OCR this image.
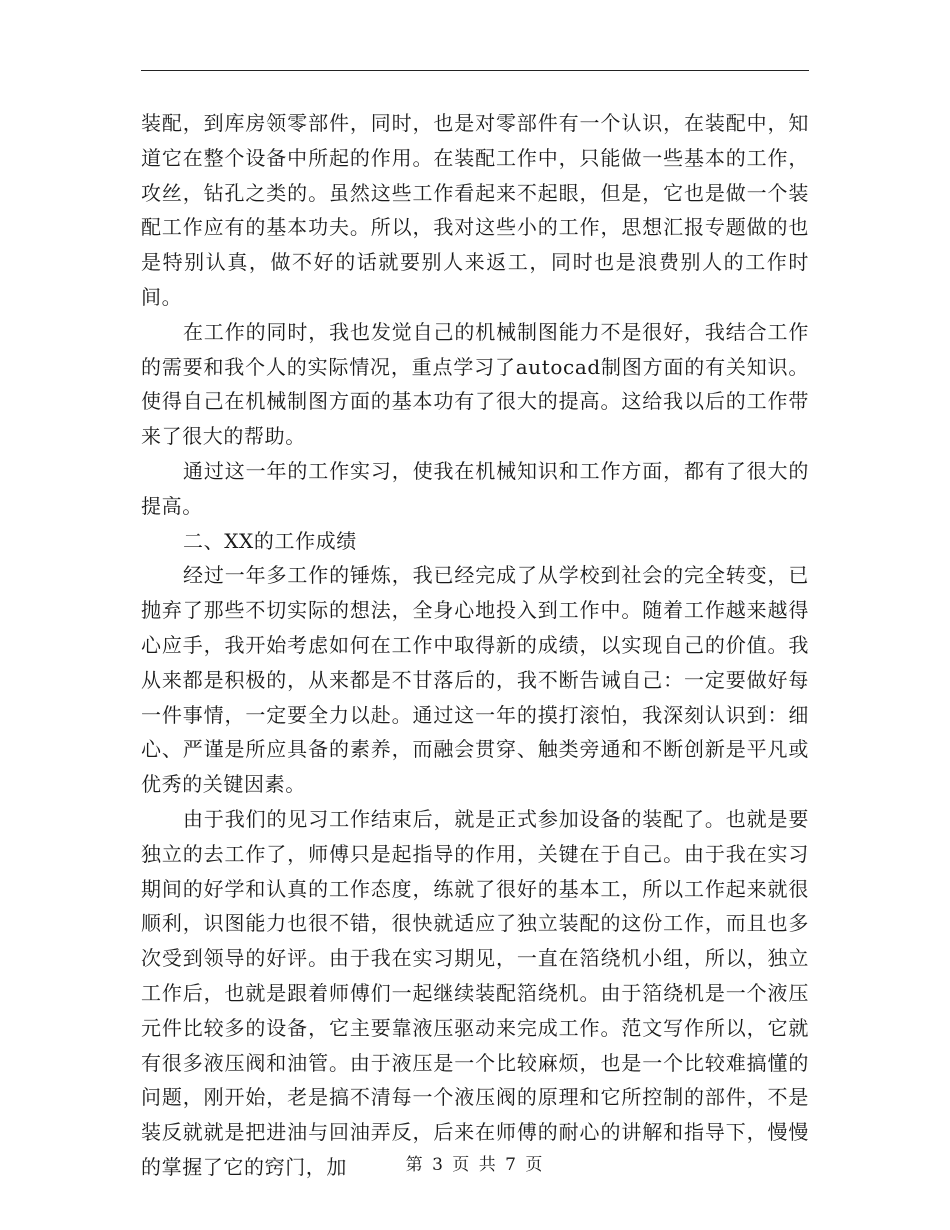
装配，到库房领零部件，同时，也是对零部件有一个认识，在装配中，知道它在整个设备中所起的作用。在装配工作中，只能做一些基本的工作，攻丝，钻孔之类的。虽然这些工作看起来不起眼，但是，它也是做一个装配工作应有的基本功夫。所以，我对这些小的工作，思想汇报专题做的也是特别认真，做不好的话就要别人来返工，同时也是浪费别人的工作时间。

在工作的同时，我也发觉自己的机械制图能力不是很好，我结合工作的需要和我个人的实际情况，重点学习了autocad制图方面的有关知识。使得自己在机械制图方面的基本功有了很大的提高。这给我以后的工作带来了很大的帮助。

通过这一年的工作实习，使我在机械知识和工作方面，都有了很大的提高。

二、XX的工作成绩

经过一年多工作的锤炼，我已经完成了从学校到社会的完全转变，已抛弃了那些不切实际的想法，全身心地投入到工作中。随着工作越来越得心应手，我开始考虑如何在工作中取得新的成绩，以实现自己的价值。我从来都是积极的，从来都是不甘落后的，我不断告诫自己：一定要做好每一件事情，一定要全力以赴。通过这一年的摸打滚怕，我深刻认识到：细心、严谨是所应具备的素养，而融会贯穿、触类旁通和不断创新是平凡或优秀的关键因素。

由于我们的见习工作结束后，就是正式参加设备的装配了。也就是要独立的去工作了，师傅只是起指导的作用，关键在于自己。由于我在实习期间的好学和认真的工作态度，练就了很好的基本工，所以工作起来就很顺利，识图能力也很不错，很快就适应了独立装配的这份工作，而且也多次受到领导的好评。由于我在实习期见，一直在箔绕机小组，所以，独立工作后，也就是跟着师傅们一起继续装配箔绕机。由于箔绕机是一个液压元件比较多的设备，它主要靠液压驱动来完成工作。范文写作所以，它就有很多液压阀和油管。由于液压是一个比较麻烦，也是一个比较难搞懂的问题，刚开始，老是搞不清每一个液压阀的原理和它所控制的部件，不是装反就就是把进油与回油弄反，后来在师傅的耐心的讲解和指导下，慢慢的掌握了它的窍门，加	第 3 页 共 7 页
